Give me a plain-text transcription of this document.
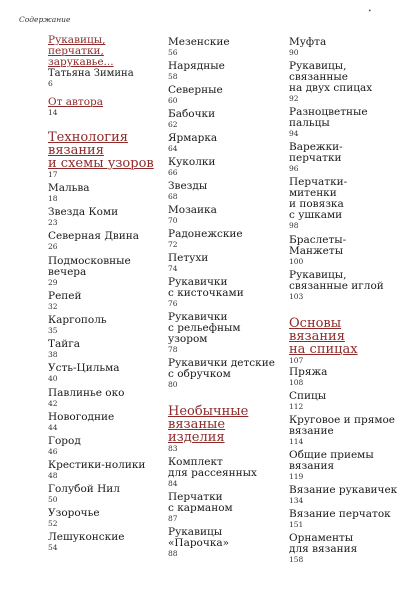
Содержание
•
Рукавицы,
перчатки,
зарукавье...
Татьяна Зимина
6
От автора
14
Технология
вязания
и схемы узоров
17
Мальва
18
Звезда Коми
23
Северная Двина
26
Подмосковные
вечера
29
Репей
32
Каргополь
35
Тайга
38
Усть-Цильма
40
Павлинье око
42
Новогодние
44
Город
46
Крестики-нолики
48
Голубой Нил
50
Узорочье
52
Лешуконские
54
Мезенские
56
Нарядные
58
Северные
60
Бабочки
62
Ярмарка
64
Куколки
66
Звезды
68
Мозаика
70
Радонежские
72
Петухи
74
Рукавички
с кисточками
76
Рукавички
с рельефным
узором
78
Рукавички детские
с обручком
80
Необычные
вязаные
изделия
83
Комплект
для рассеянных
84
Перчатки
с карманом
87
Рукавицы
«Парочка»
88
Муфта
90
Рукавицы,
связанные
на двух спицах
92
Разноцветные
пальцы
94
Варежки-
перчатки
96
Перчатки-
митенки
и повязка
с ушками
98
Браслеты-
Манжеты
100
Рукавицы,
связанные иглой
103
Основы
вязания
на спицах
107
Пряжа
108
Спицы
112
Круговое и прямое
вязание
114
Общие приемы
вязания
119
Вязание рукавичек
134
Вязание перчаток
151
Орнаменты
для вязания
158
